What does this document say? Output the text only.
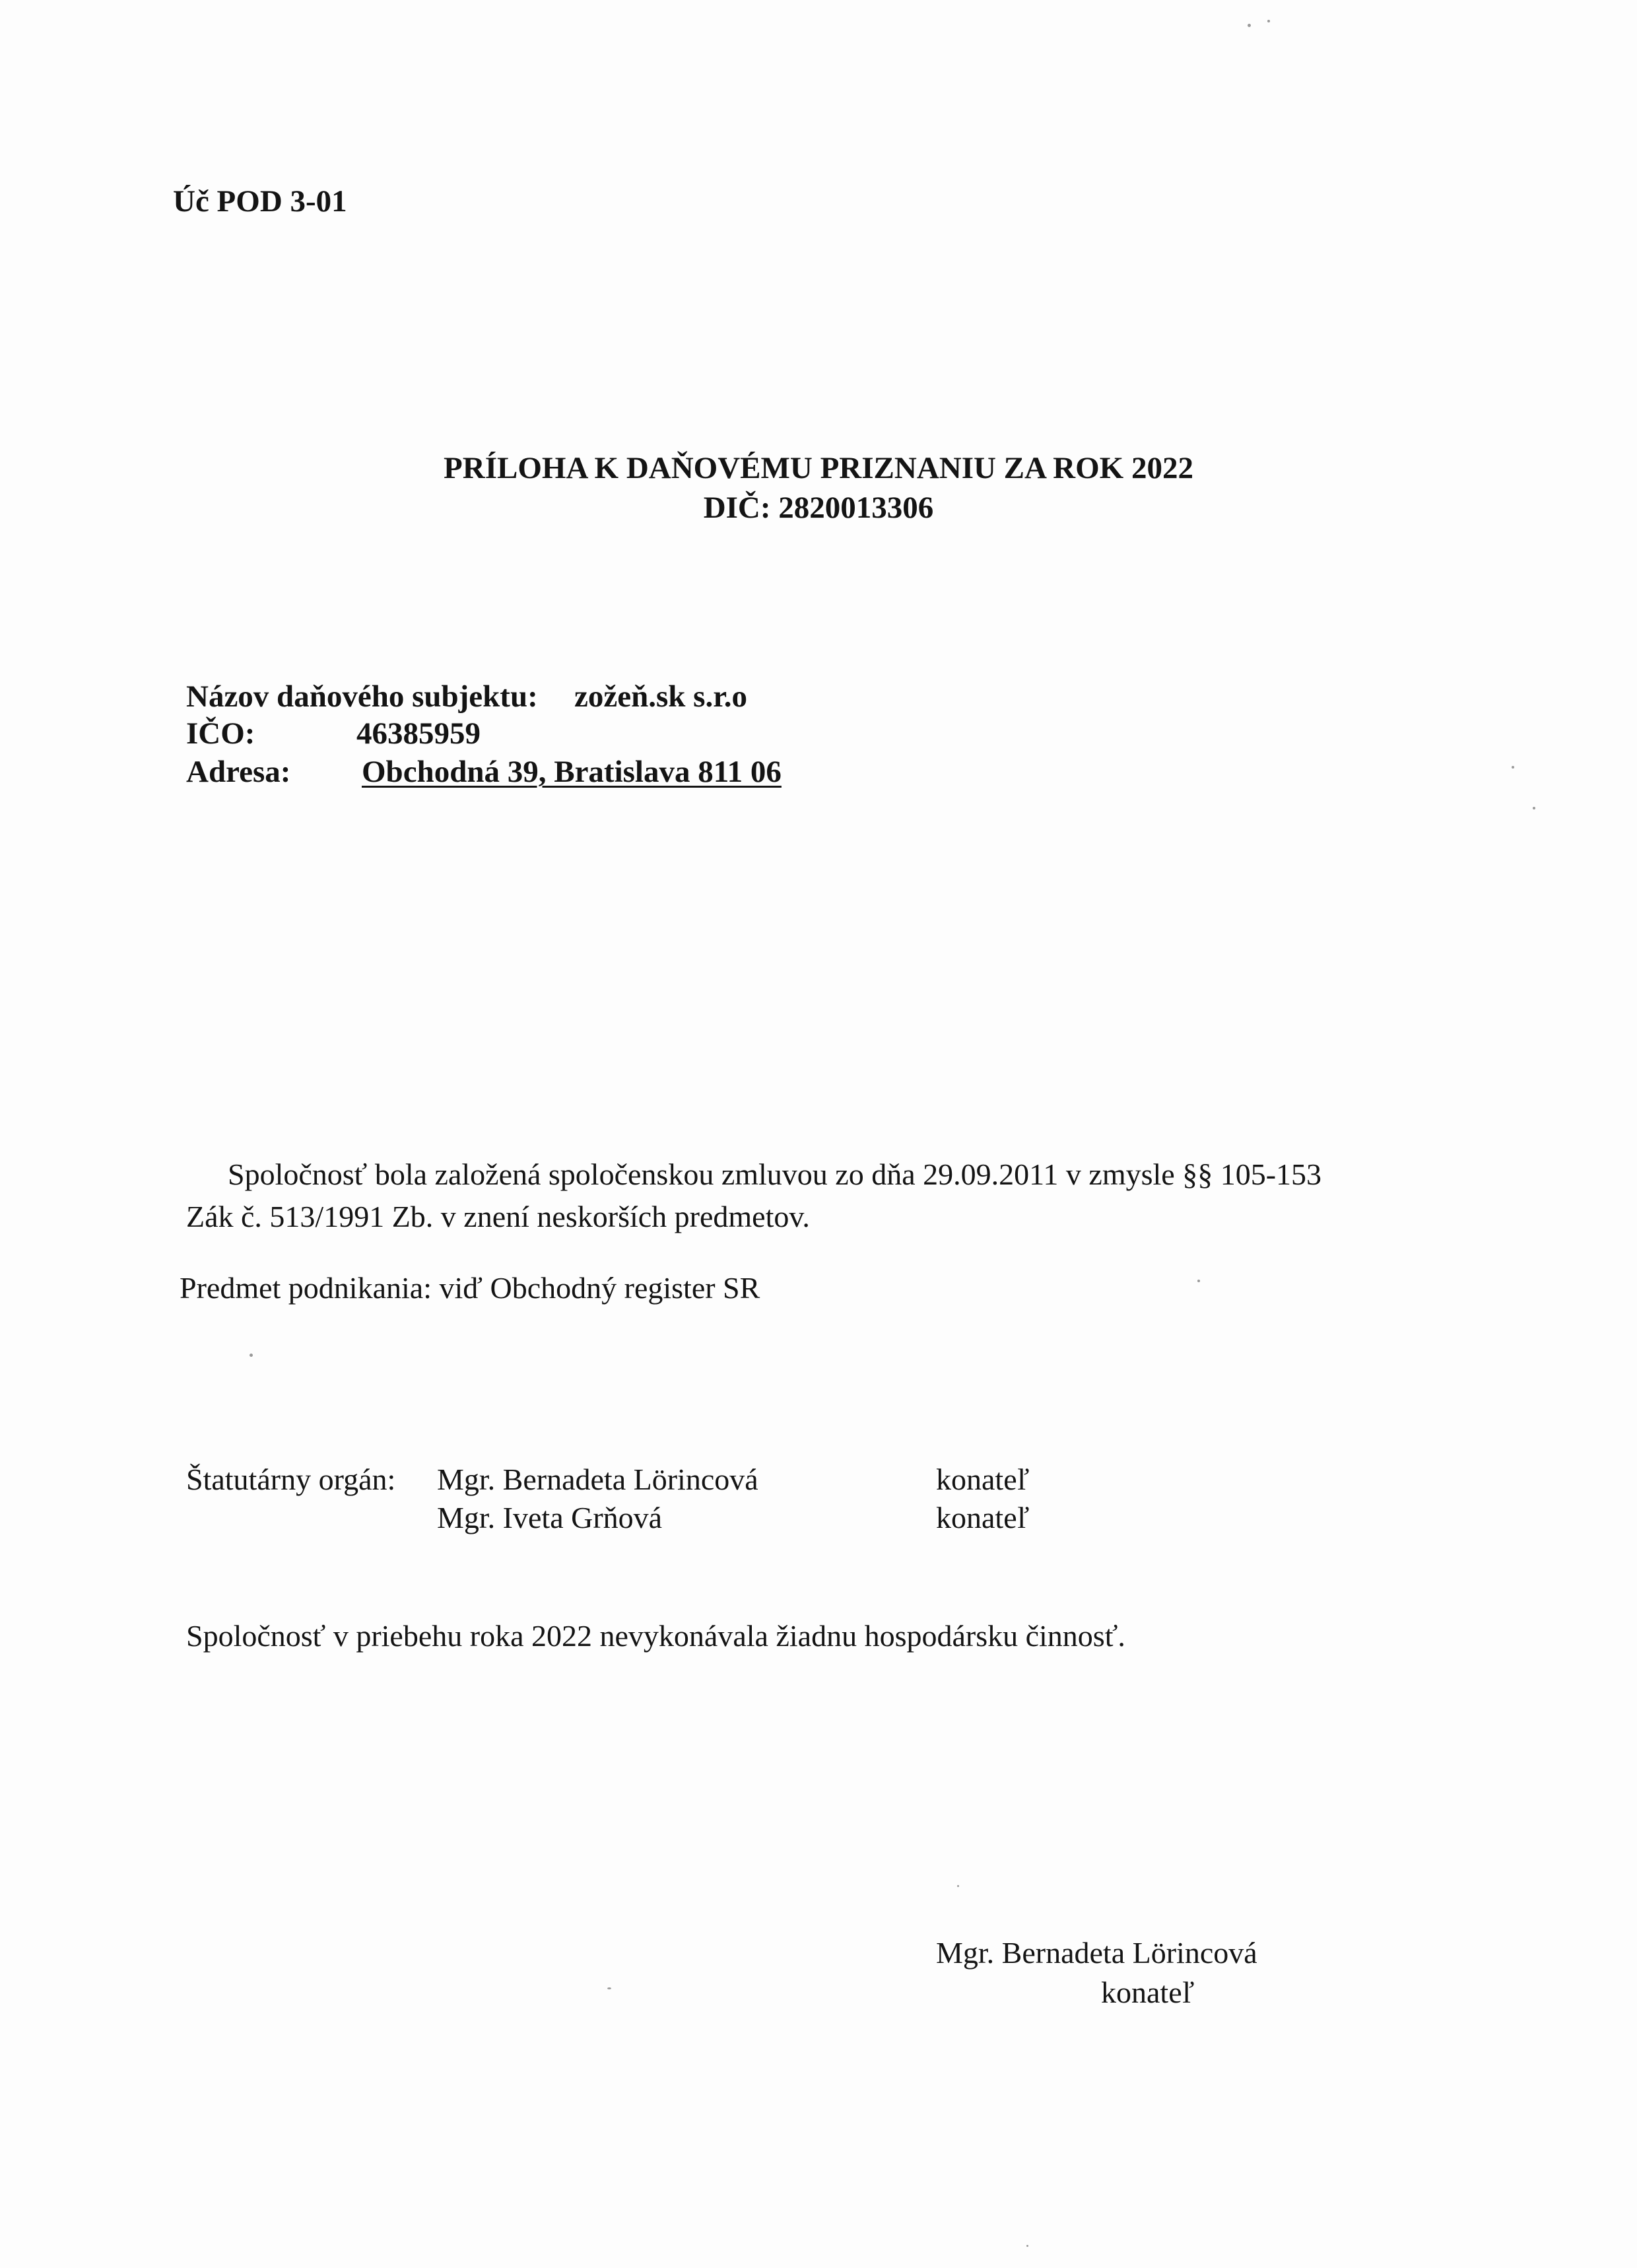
Úč POD 3-01
PRÍLOHA K DAŇOVÉMU PRIZNANIU ZA ROK 2022
DIČ: 2820013306
Názov daňového subjektu: zožeň.sk s.r.o
IČO:	46385959
Adresa: Obchodná 39, Bratislava 811 06
Spoločnosť bola založená spoločenskou zmluvou zo dňa 29.09.2011 v zmysle §§ 105-153
Zák č. 513/1991 Zb. v znení neskorších predmetov.
Predmet podnikania: viď Obchodný register SR
Štatutárny orgán: Mgr. Bernadeta Lörincová	konateľ
Mgr. Iveta Grňová	konateľ
Spoločnosť v priebehu roka 2022 nevykonávala žiadnu hospodársku činnosť.
Mgr. Bernadeta Lörincová
konateľ
